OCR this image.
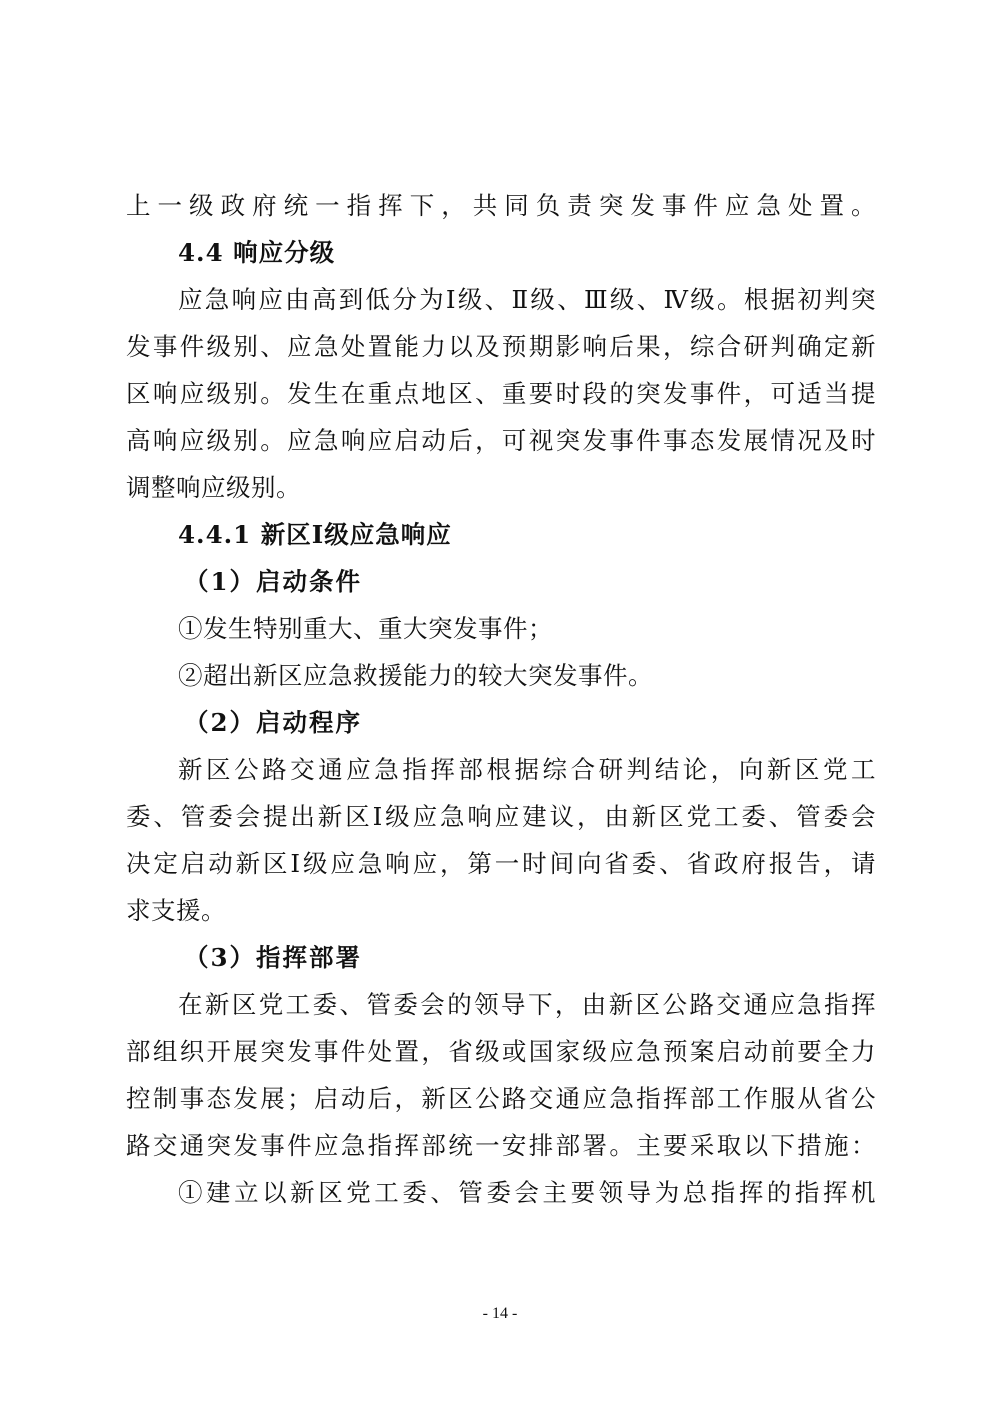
上一级政府统一指挥下，共同负责突发事件应急处置。
4.4 响应分级
应急响应由高到低分为Ⅰ级、Ⅱ级、Ⅲ级、Ⅳ级。根据初判突
发事件级别、应急处置能力以及预期影响后果，综合研判确定新
区响应级别。发生在重点地区、重要时段的突发事件，可适当提
高响应级别。应急响应启动后，可视突发事件事态发展情况及时
调整响应级别。
4.4.1 新区Ⅰ级应急响应
（1）启动条件
①发生特别重大、重大突发事件；
②超出新区应急救援能力的较大突发事件。
（2）启动程序
新区公路交通应急指挥部根据综合研判结论，向新区党工
委、管委会提出新区Ⅰ级应急响应建议，由新区党工委、管委会
决定启动新区Ⅰ级应急响应，第一时间向省委、省政府报告，请
求支援。
（3）指挥部署
在新区党工委、管委会的领导下，由新区公路交通应急指挥
部组织开展突发事件处置，省级或国家级应急预案启动前要全力
控制事态发展；启动后，新区公路交通应急指挥部工作服从省公
路交通突发事件应急指挥部统一安排部署。主要采取以下措施：
①建立以新区党工委、管委会主要领导为总指挥的指挥机
- 14 -
